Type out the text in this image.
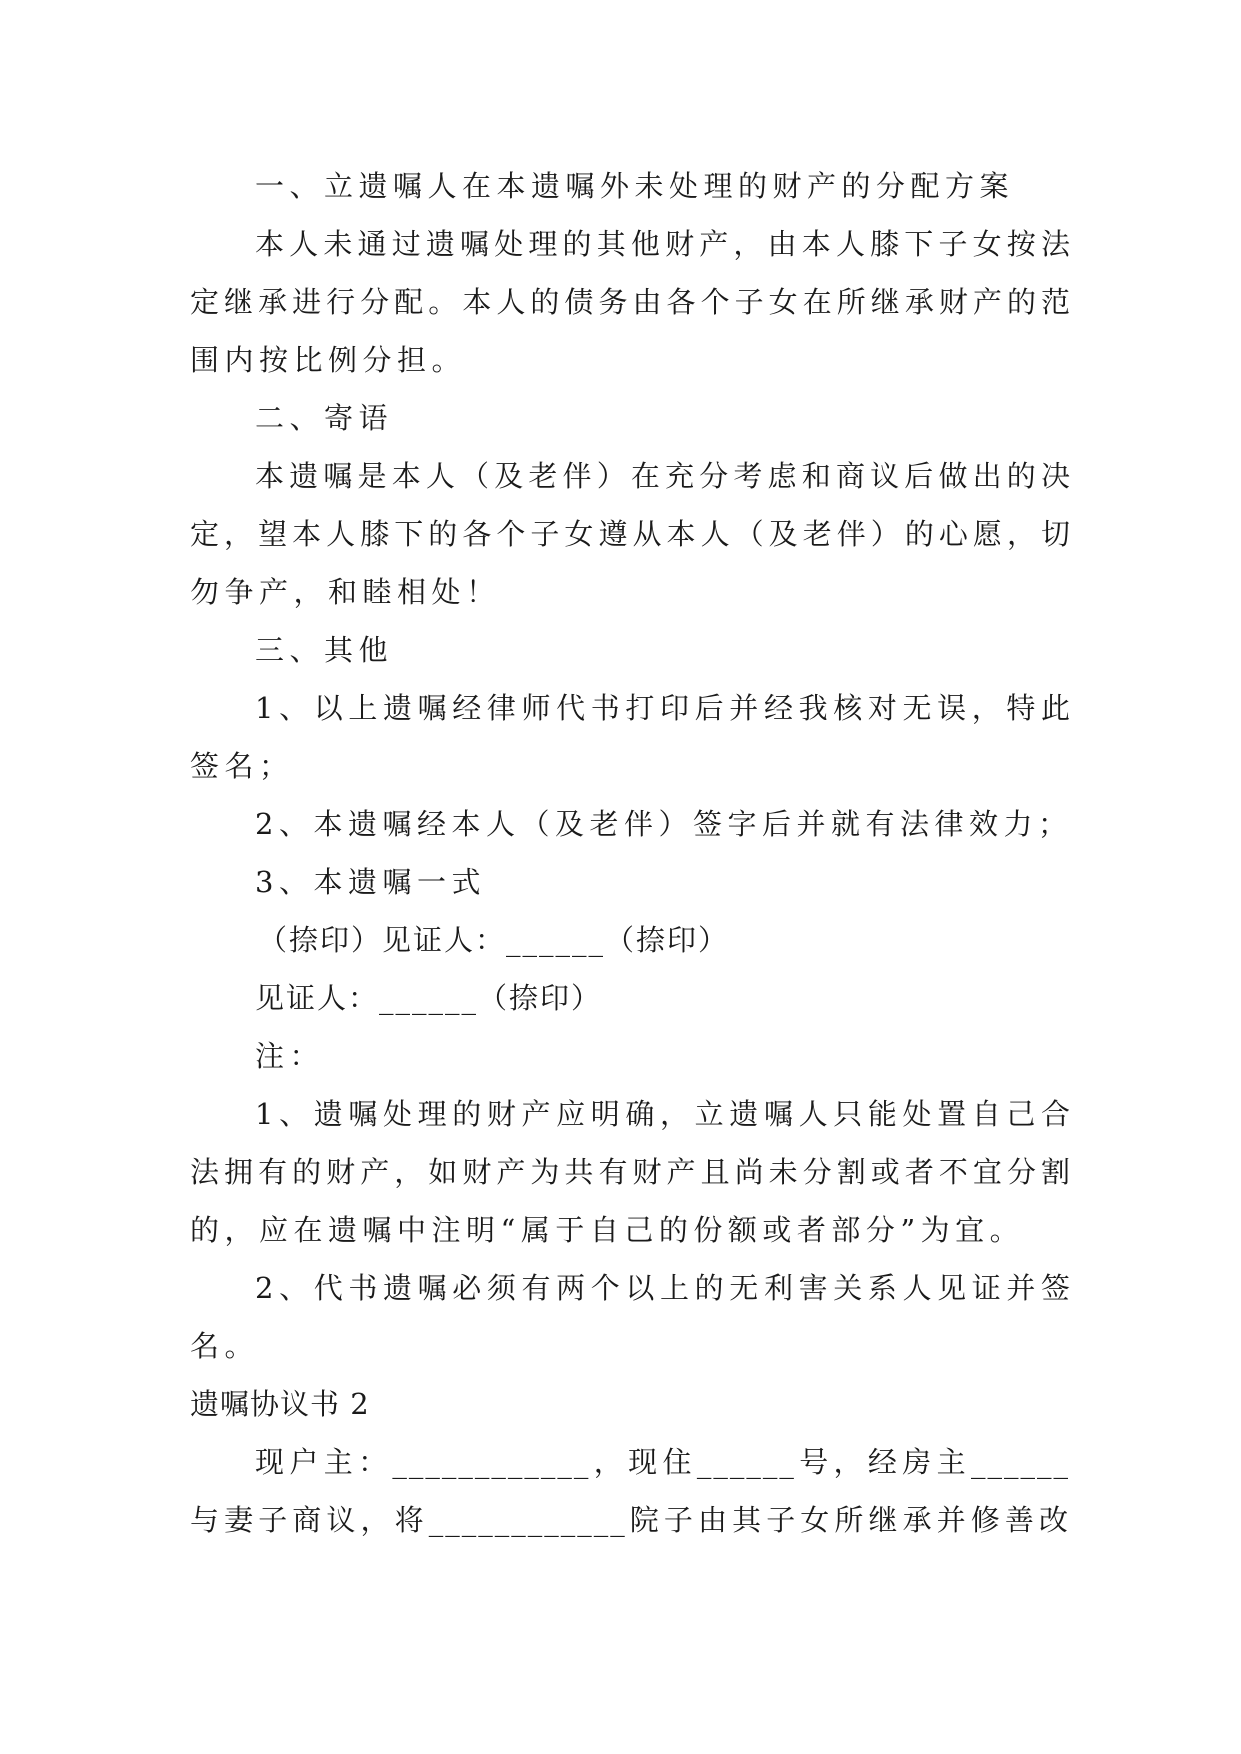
一、立遗嘱人在本遗嘱外未处理的财产的分配方案
本人未通过遗嘱处理的其他财产，由本人膝下子女按法
定继承进行分配。本人的债务由各个子女在所继承财产的范
围内按比例分担。
二、寄语
本遗嘱是本人（及老伴）在充分考虑和商议后做出的决
定，望本人膝下的各个子女遵从本人（及老伴）的心愿，切
勿争产，和睦相处！
三、其他
1、以上遗嘱经律师代书打印后并经我核对无误，特此
签名；
2、本遗嘱经本人（及老伴）签字后并就有法律效力；
3、本遗嘱一式
（捺印）见证人：______（捺印）
见证人：______（捺印）
注：
1、遗嘱处理的财产应明确，立遗嘱人只能处置自己合
法拥有的财产，如财产为共有财产且尚未分割或者不宜分割
的，应在遗嘱中注明“属于自己的份额或者部分”为宜。
2、代书遗嘱必须有两个以上的无利害关系人见证并签
名。
遗嘱协议书 2
现户主：____________，现住______号，经房主______
与妻子商议，将____________院子由其子女所继承并修善改
